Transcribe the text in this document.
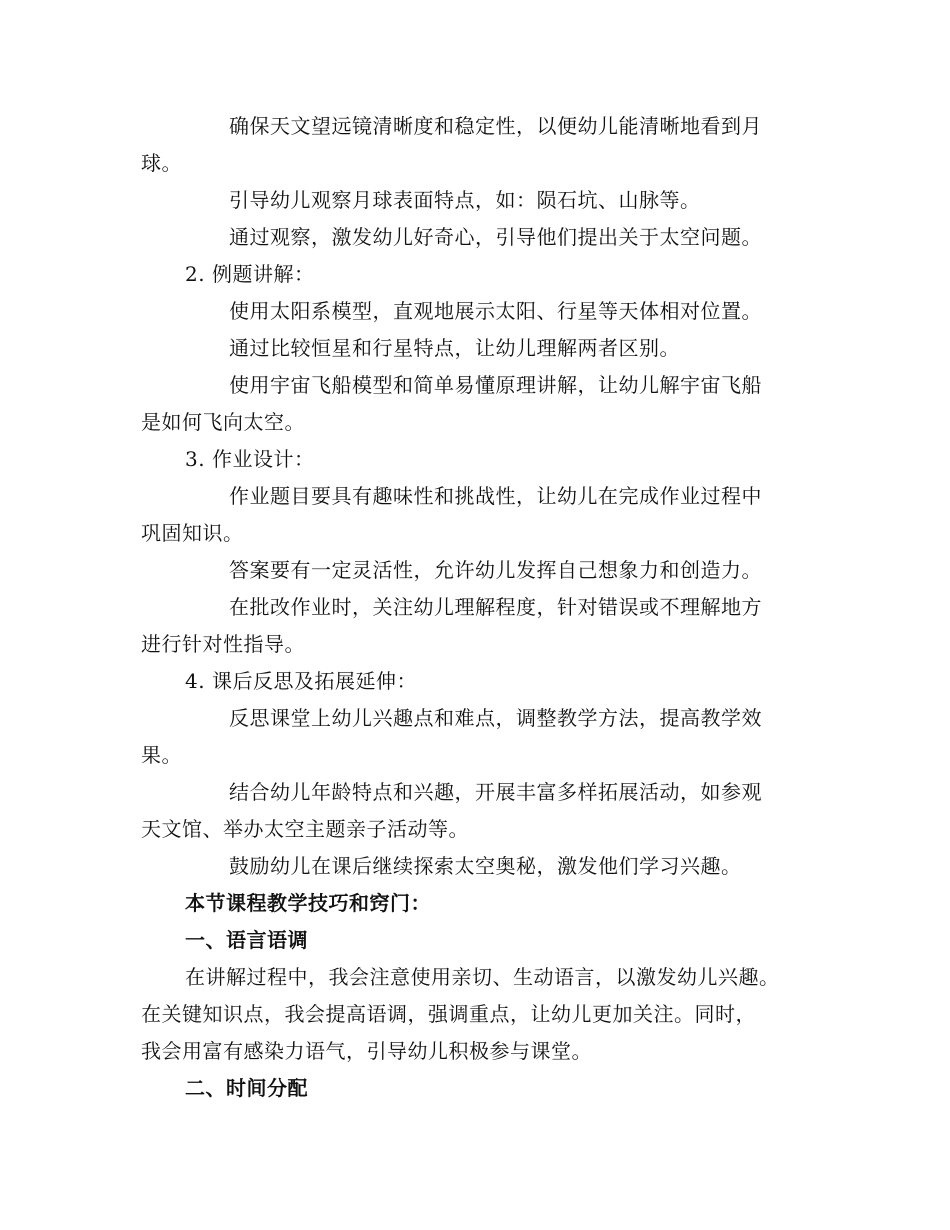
确保天文望远镜清晰度和稳定性，以便幼儿能清晰地看到月
球。
引导幼儿观察月球表面特点，如：陨石坑、山脉等。
通过观察，激发幼儿好奇心，引导他们提出关于太空问题。
2. 例题讲解：
使用太阳系模型，直观地展示太阳、行星等天体相对位置。
通过比较恒星和行星特点，让幼儿理解两者区别。
使用宇宙飞船模型和简单易懂原理讲解，让幼儿解宇宙飞船
是如何飞向太空。
3. 作业设计：
作业题目要具有趣味性和挑战性，让幼儿在完成作业过程中
巩固知识。
答案要有一定灵活性，允许幼儿发挥自己想象力和创造力。
在批改作业时，关注幼儿理解程度，针对错误或不理解地方
进行针对性指导。
4. 课后反思及拓展延伸：
反思课堂上幼儿兴趣点和难点，调整教学方法，提高教学效
果。
结合幼儿年龄特点和兴趣，开展丰富多样拓展活动，如参观
天文馆、举办太空主题亲子活动等。
鼓励幼儿在课后继续探索太空奥秘，激发他们学习兴趣。
本节课程教学技巧和窍门：
一、语言语调
在讲解过程中，我会注意使用亲切、生动语言，以激发幼儿兴趣。
在关键知识点，我会提高语调，强调重点，让幼儿更加关注。同时，
我会用富有感染力语气，引导幼儿积极参与课堂。
二、时间分配
